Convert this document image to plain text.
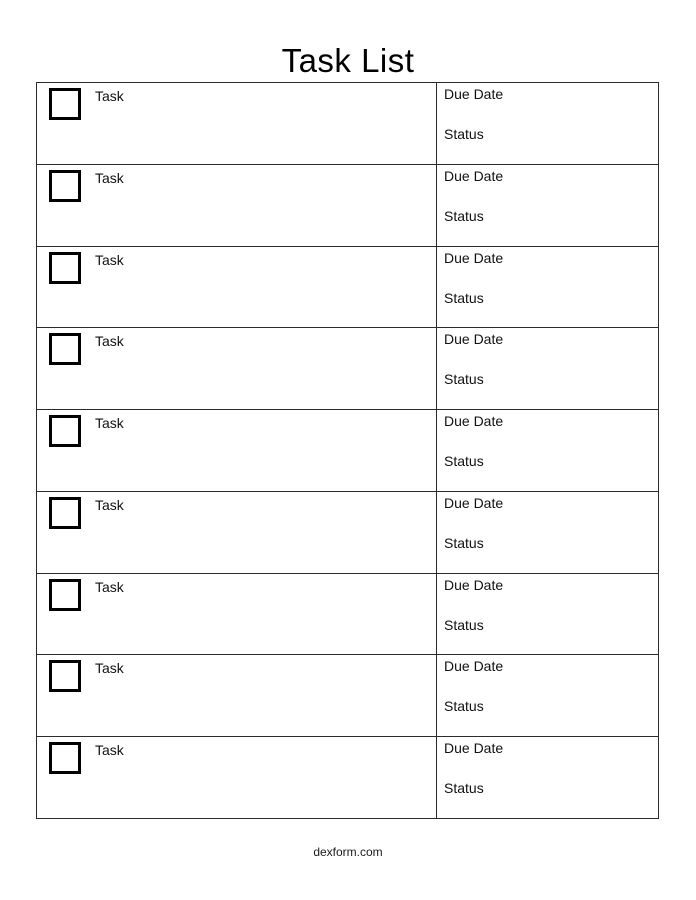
Task List
Task	Due Date
Status
Task	Due Date
Status
Task	Due Date
Status
Task	Due Date
Status
Task	Due Date
Status
Task	Due Date
Status
Task	Due Date
Status
Task	Due Date
Status
Task	Due Date
Status
dexform.com
